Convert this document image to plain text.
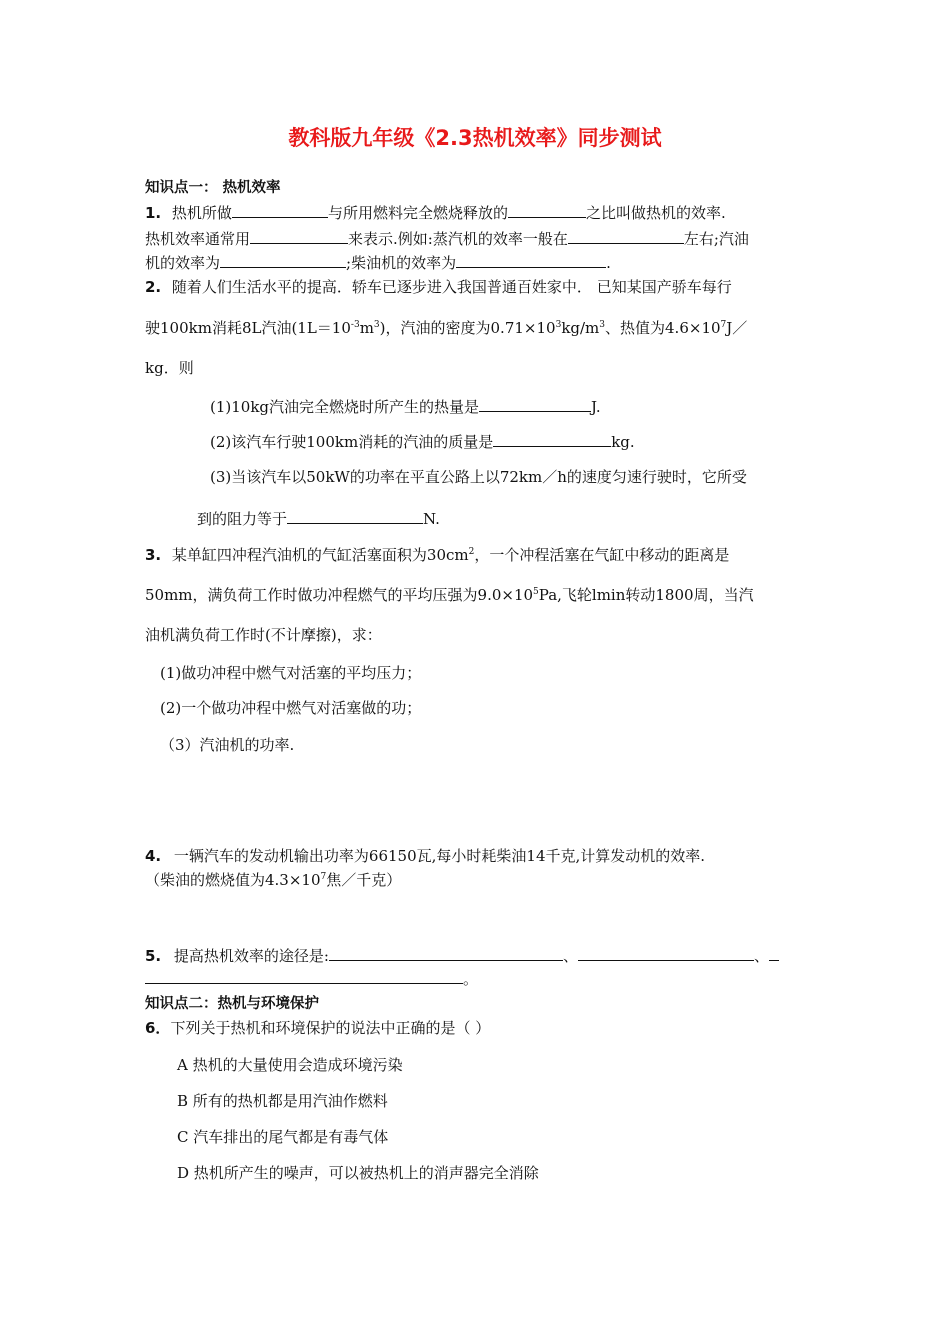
教科版九年级《2.3热机效率》同步测试
知识点一： 热机效率
1. 热机所做	与所用燃料完全燃烧释放的	之比叫做热机的效率.
热机效率通常用	来表示.例如:蒸汽机的效率一般在	左右;汽油
机的效率为	;柴油机的效率为	.
2. 随着人们生活水平的提高．轿车已逐步进入我国普通百姓家中． 已知某国产骄车每行
驶100km消耗8L汽油$(1L=10^{-3}m^3)$，汽油的密度为$0.71\times 10^3kg/m^3$、热值为$4.6\times 10^7J/$
kg．则
(1)10kg汽油完全燃烧时所产生的热量是	J.
(2)该汽车行驶100km消耗的汽油的质量是	kg.
(3)当该汽车以50kW的功率在平直公路上以72km／h的速度匀速行驶时，它所受
到的阻力等于	N.
3. 某单缸四冲程汽油机的气缸活塞面积为$30cm^2$，一个冲程活塞在气缸中移动的距离是
50mm，满负荷工作时做功冲程燃气的平均压强为$9.0\times 10^5Pa$,飞轮lmin转动1800周，当汽
油机满负荷工作时(不计摩擦)，求：
(1)做功冲程中燃气对活塞的平均压力；
(2)一个做功冲程中燃气对活塞做的功；
（3）汽油机的功率.
4. 一辆汽车的发动机输出功率为66150瓦,每小时耗柴油14千克,计算发动机的效率.
（柴油的燃烧值为$4.3\times 10^7$焦／千克）
5. 提高热机效率的途径是:	、	、
。
知识点二：热机与环境保护
6．下列关于热机和环境保护的说法中正确的是（ ）
A 热机的大量使用会造成环境污染
B 所有的热机都是用汽油作燃料
C 汽车排出的尾气都是有毒气体
D 热机所产生的噪声，可以被热机上的消声器完全消除
